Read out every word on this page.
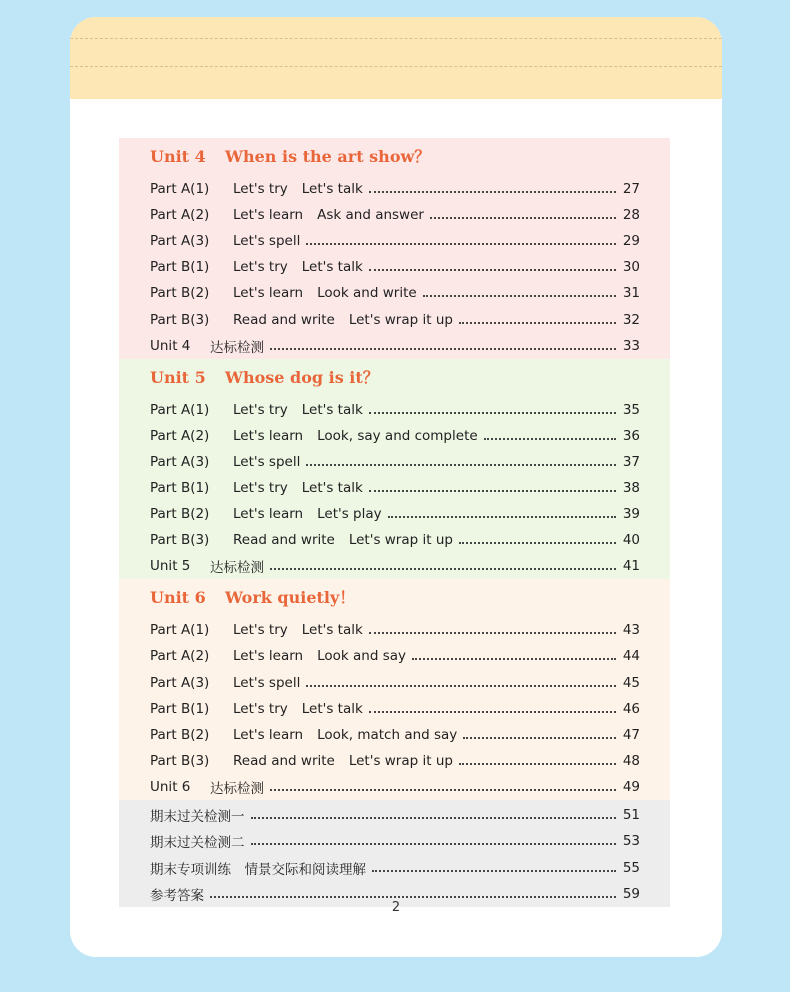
Unit 4 When is the art show？
Part A(1)	Let's try Let's talk	27
Part A(2)	Let's learn Ask and answer	28
Part A(3)	Let's spell	29
Part B(1)	Let's try Let's talk	30
Part B(2)	Let's learn Look and write	31
Part B(3)	Read and write Let's wrap it up	32
Unit 4	达标检测	33
Unit 5 Whose dog is it？
Part A(1)	Let's try Let's talk	35
Part A(2)	Let's learn Look, say and complete	36
Part A(3)	Let's spell	37
Part B(1)	Let's try Let's talk	38
Part B(2)	Let's learn Let's play	39
Part B(3)	Read and write Let's wrap it up	40
Unit 5	达标检测	41
Unit 6 Work quietly！
Part A(1)	Let's try Let's talk	43
Part A(2)	Let's learn Look and say	44
Part A(3)	Let's spell	45
Part B(1)	Let's try Let's talk	46
Part B(2)	Let's learn Look, match and say	47
Part B(3)	Read and write Let's wrap it up	48
Unit 6	达标检测	49
期末过关检测一	51
期末过关检测二	53
期末专项训练　情景交际和阅读理解	55
参考答案	59
2
